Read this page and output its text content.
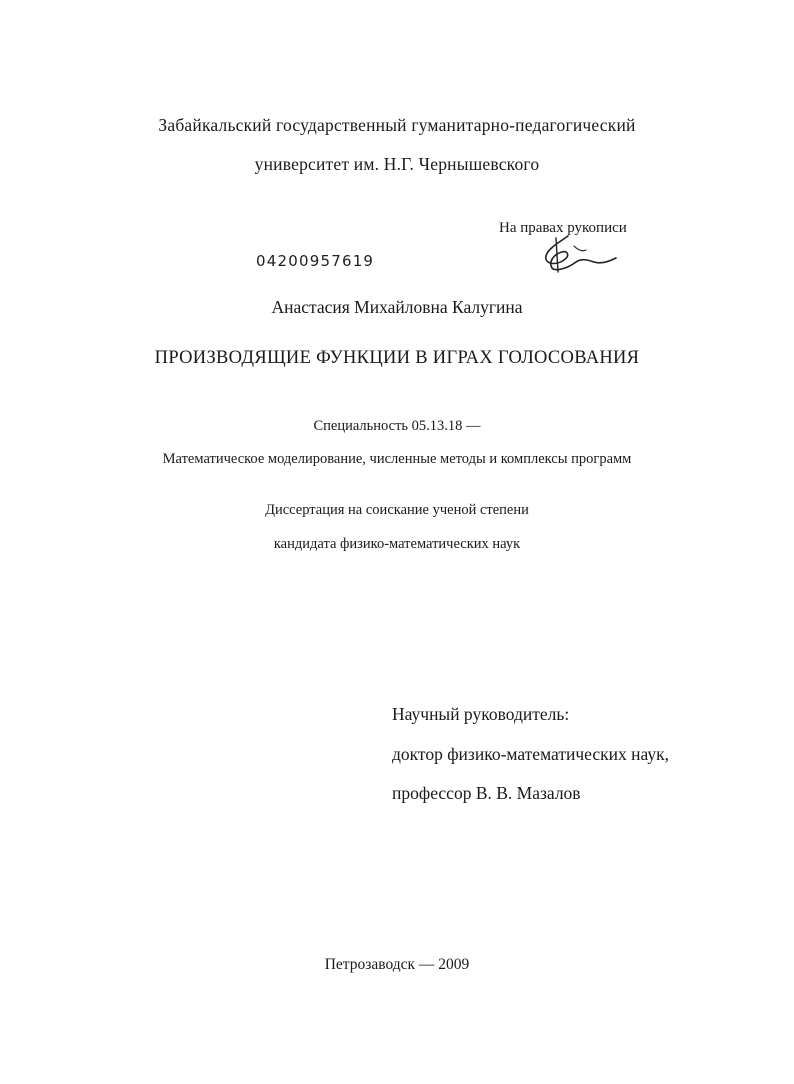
Забайкальский государственный гуманитарно-педагогический
университет им. Н.Г. Чернышевского
На правах рукописи
04200957619
Анастасия Михайловна Калугина
ПРОИЗВОДЯЩИЕ ФУНКЦИИ В ИГРАХ ГОЛОСОВАНИЯ
Специальность 05.13.18 —
Математическое моделирование, численные методы и комплексы программ
Диссертация на соискание ученой степени
кандидата физико-математических наук
Научный руководитель:
доктор физико-математических наук,
профессор В. В. Мазалов
Петрозаводск — 2009
